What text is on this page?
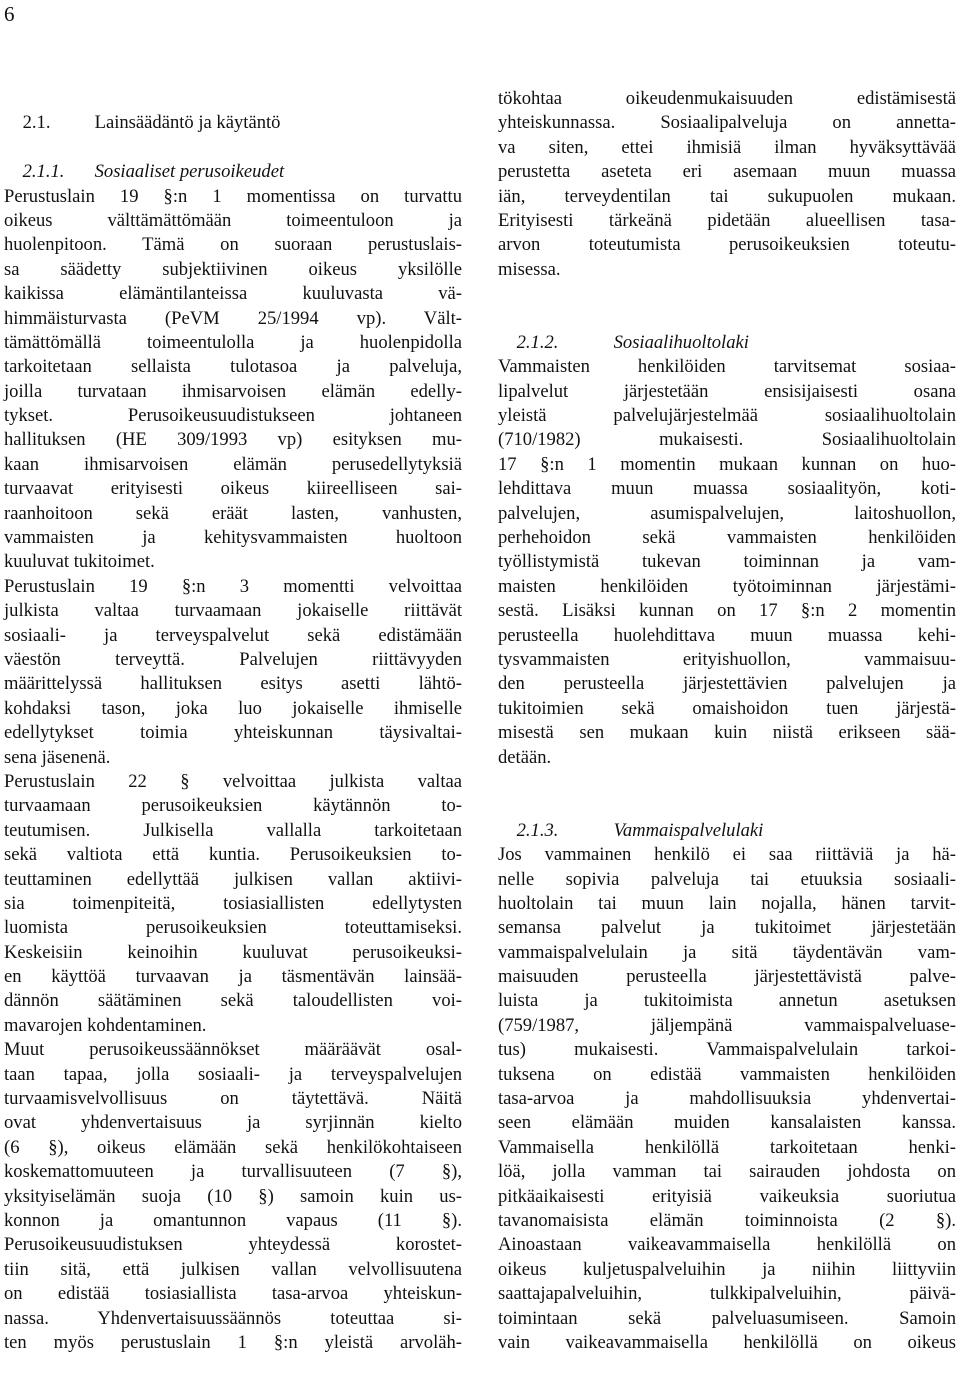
6

2.1. Lainsäädäntö ja käytäntö

2.1.1. Sosiaaliset perusoikeudet

Perustuslain 19 §:n 1 momentissa on turvattu
oikeus välttämättömään toimeentuloon ja
huolenpitoon. Tämä on suoraan perustuslais-
sa säädetty subjektiivinen oikeus yksilölle
kaikissa elämäntilanteissa kuuluvasta vä-
himmäisturvasta (PeVM 25/1994 vp). Vält-
tämättömällä toimeentulolla ja huolenpidolla
tarkoitetaan sellaista tulotasoa ja palveluja,
joilla turvataan ihmisarvoisen elämän edelly-
tykset. Perusoikeusuudistukseen johtaneen
hallituksen (HE 309/1993 vp) esityksen mu-
kaan ihmisarvoisen elämän perusedellytyksiä
turvaavat erityisesti oikeus kiireelliseen sai-
raanhoitoon sekä eräät lasten, vanhusten,
vammaisten ja kehitysvammaisten huoltoon
kuuluvat tukitoimet.
Perustuslain 19 §:n 3 momentti velvoittaa
julkista valtaa turvaamaan jokaiselle riittävät
sosiaali- ja terveyspalvelut sekä edistämään
väestön terveyttä. Palvelujen riittävyyden
määrittelyssä hallituksen esitys asetti lähtö-
kohdaksi tason, joka luo jokaiselle ihmiselle
edellytykset toimia yhteiskunnan täysivaltai-
sena jäsenenä.
Perustuslain 22 § velvoittaa julkista valtaa
turvaamaan perusoikeuksien käytännön to-
teutumisen. Julkisella vallalla tarkoitetaan
sekä valtiota että kuntia. Perusoikeuksien to-
teuttaminen edellyttää julkisen vallan aktiivi-
sia toimenpiteitä, tosiasiallisten edellytysten
luomista perusoikeuksien toteuttamiseksi.
Keskeisiin keinoihin kuuluvat perusoikeuksi-
en käyttöä turvaavan ja täsmentävän lainsää-
dännön säätäminen sekä taloudellisten voi-
mavarojen kohdentaminen.
Muut perusoikeussäännökset määräävät osal-
taan tapaa, jolla sosiaali- ja terveyspalvelujen
turvaamisvelvollisuus on täytettävä. Näitä
ovat yhdenvertaisuus ja syrjinnän kielto
(6 §), oikeus elämään sekä henkilökohtaiseen
koskemattomuuteen ja turvallisuuteen (7 §),
yksityiselämän suoja (10 §) samoin kuin us-
konnon ja omantunnon vapaus (11 §).
Perusoikeusuudistuksen yhteydessä korostet-
tiin sitä, että julkisen vallan velvollisuutena
on edistää tosiasiallista tasa-arvoa yhteiskun-
nassa. Yhdenvertaisuussäännös toteuttaa si-
ten myös perustuslain 1 §:n yleistä arvoläh-
tökohtaa oikeudenmukaisuuden edistämisestä
yhteiskunnassa. Sosiaalipalveluja on annetta-
va siten, ettei ihmisiä ilman hyväksyttävää
perustetta aseteta eri asemaan muun muassa
iän, terveydentilan tai sukupuolen mukaan.
Erityisesti tärkeänä pidetään alueellisen tasa-
arvon toteutumista perusoikeuksien toteutu-
misessa.

2.1.2.	Sosiaalihuoltolaki

Vammaisten henkilöiden tarvitsemat sosiaa-
lipalvelut järjestetään ensisijaisesti osana
yleistä palvelujärjestelmää sosiaalihuoltolain
(710/1982) mukaisesti. Sosiaalihuoltolain
17 §:n 1 momentin mukaan kunnan on huo-
lehdittava muun muassa sosiaalityön, koti-
palvelujen, asumispalvelujen, laitoshuollon,
perhehoidon sekä vammaisten henkilöiden
työllistymistä tukevan toiminnan ja vam-
maisten henkilöiden työtoiminnan järjestämi-
sestä. Lisäksi kunnan on 17 §:n 2 momentin
perusteella huolehdittava muun muassa kehi-
tysvammaisten erityishuollon, vammaisuu-
den perusteella järjestettävien palvelujen ja
tukitoimien sekä omaishoidon tuen järjestä-
misestä sen mukaan kuin niistä erikseen sää-
detään.

2.1.3.	Vammaispalvelulaki

Jos vammainen henkilö ei saa riittäviä ja hä-
nelle sopivia palveluja tai etuuksia sosiaali-
huoltolain tai muun lain nojalla, hänen tarvit-
semansa palvelut ja tukitoimet järjestetään
vammaispalvelulain ja sitä täydentävän vam-
maisuuden perusteella järjestettävistä palve-
luista ja tukitoimista annetun asetuksen
(759/1987, jäljempänä vammaispalveluase-
tus) mukaisesti. Vammaispalvelulain tarkoi-
tuksena on edistää vammaisten henkilöiden
tasa-arvoa ja mahdollisuuksia yhdenvertai-
seen elämään muiden kansalaisten kanssa.
Vammaisella henkilöllä tarkoitetaan henki-
löä, jolla vamman tai sairauden johdosta on
pitkäaikaisesti erityisiä vaikeuksia suoriutua
tavanomaisista elämän toiminnoista (2 §).
Ainoastaan vaikeavammaisella henkilöllä on
oikeus kuljetuspalveluihin ja niihin liittyviin
saattajapalveluihin, tulkkipalveluihin, päivä-
toimintaan sekä palveluasumiseen. Samoin
vain vaikeavammaisella henkilöllä on oikeus
